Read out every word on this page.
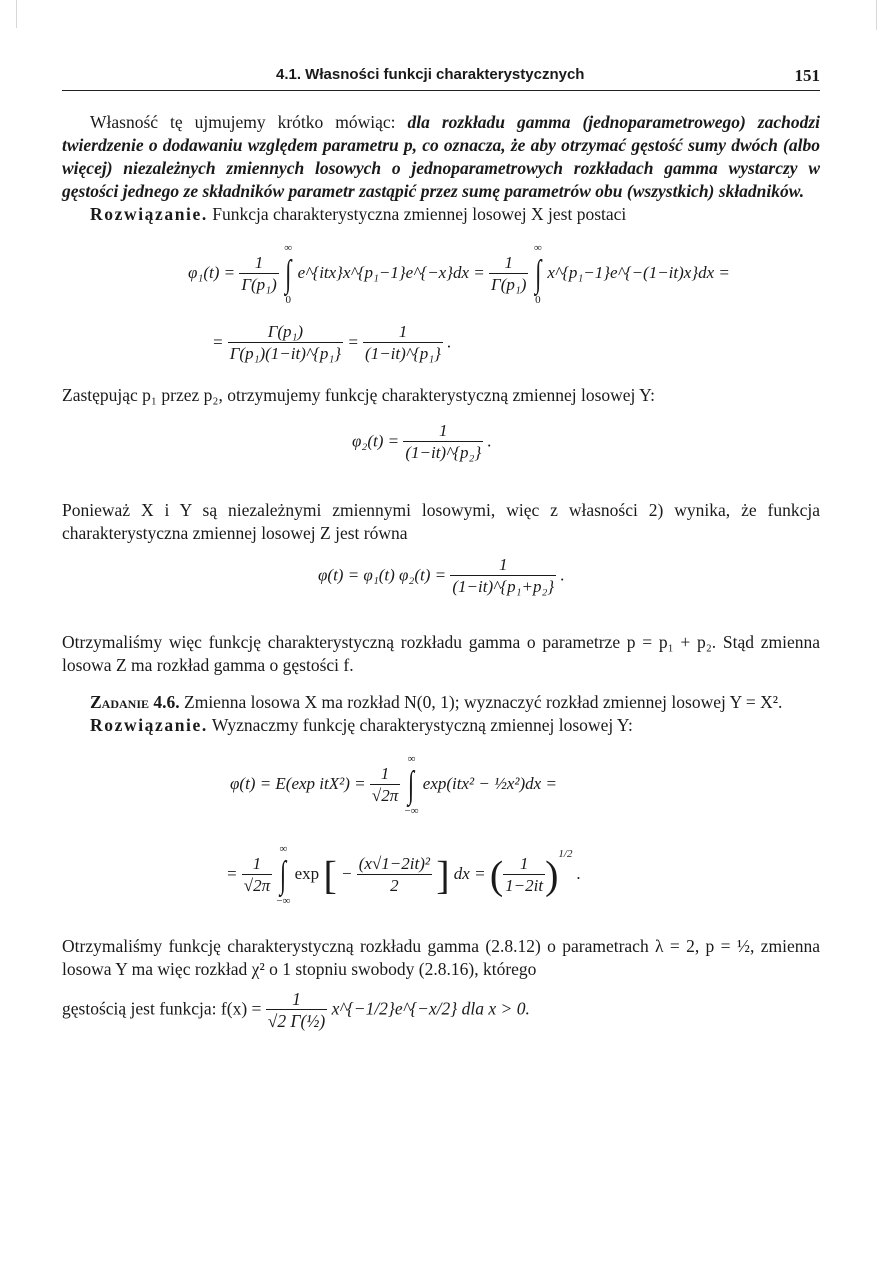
4.1. Własności funkcji charakterystycznych	151

Własność tę ujmujemy krótko mówiąc: dla rozkładu gamma (jednoparametrowego) zachodzi twierdzenie o dodawaniu względem parametru p, co oznacza, że aby otrzymać gęstość sumy dwóch (albo więcej) niezależnych zmiennych losowych o jednoparametrowych rozkładach gamma wystarczy w gęstości jednego ze składników parametr zastąpić przez sumę parametrów obu (wszystkich) składników.

Rozwiązanie. Funkcja charakterystyczna zmiennej losowej X jest postaci

$\varphi_1(t) = \frac{1}{\text{Γ(p₁)}}$

∞
∫
0
e^{itx}x^{p₁−1}e^{−x}dx = $\frac{1}{\text{Γ(p₁)}}$

∞
∫
0
x^{p₁−1}e^{−(1−it)x}dx =
= $\frac{\text{Γ(p₁)}}{\text{Γ(p₁)(1−it)\textasciicircum{}\{p₁\}}} = \frac{1}{\text{(1−it)\textasciicircum{}\{p₁\}}}$ .

Zastępując p₁ przez p₂, otrzymujemy funkcję charakterystyczną zmiennej losowej Y:

$\varphi_2(t) = \frac{1}{\text{(1−it)\textasciicircum{}\{p₂\}}}$ .

Ponieważ X i Y są niezależnymi zmiennymi losowymi, więc z własności 2) wynika, że funkcja charakterystyczna zmiennej losowej Z jest równa

φ(t) = φ₁(t) $\varphi_2(t) = \frac{1}{\text{(1−it)\textasciicircum{}\{p₁+p₂\}}}$ .

Otrzymaliśmy więc funkcję charakterystyczną rozkładu gamma o parametrze p = p₁ + p₂. Stąd zmienna losowa Z ma rozkład gamma o gęstości f.

Zadanie 4.6. Zmienna losowa X ma rozkład N(0, 1); wyznaczyć rozkład zmiennej losowej Y = X².

Rozwiązanie. Wyznaczmy funkcję charakterystyczną zmiennej losowej Y:

φ(t) = E(exp $itX^2) = \frac{1}{√2\pi}$

∞
∫
−∞
exp(itx² − ½x²)dx =
= $\frac{1}{√2\pi}$

∞
∫
−∞
exp [ − $\frac{\text{(x√1−2it)²}}{2}$ ] dx = ( $\frac{1}{1-2it} )^{1/2}$ .

Otrzymaliśmy funkcję charakterystyczną rozkładu gamma (2.8.12) o parametrach λ = 2, p = ½, zmienna losowa Y ma więc rozkład χ² o 1 stopniu swobody (2.8.16), którego

gęstością jest funkcja: $f(x) = \frac{1}{\text{√2 Γ(½)}}$ x^{−1/2}e^{−x/2} dla x > 0.
